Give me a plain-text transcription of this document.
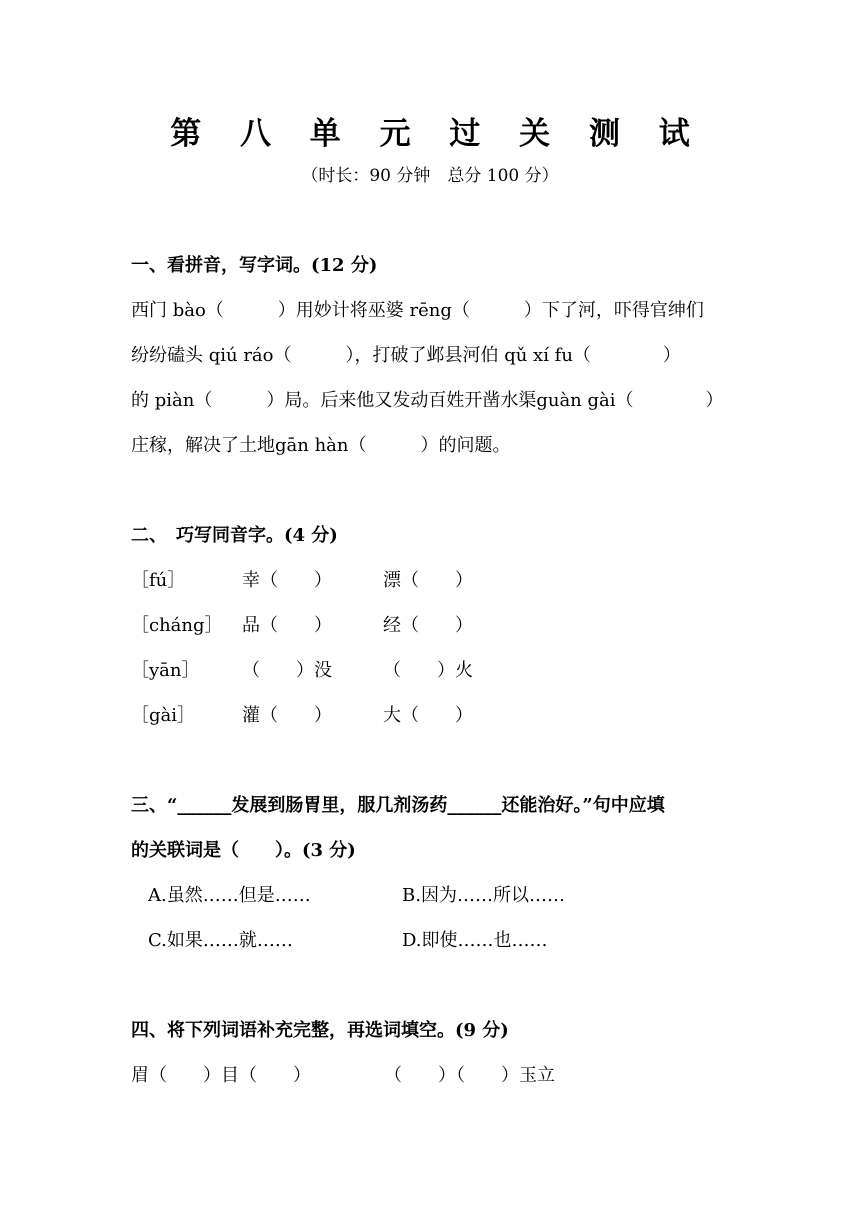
第 八 单 元 过 关 测 试
（时长：90 分钟　总分 100 分）
一、看拼音，写字词。(12 分)
西门 bào（　　　）用妙计将巫婆 rēng（　　　）下了河，吓得官绅们
纷纷磕头 qiú ráo（　　　），打破了邺县河伯 qǔ xí fu（　　　　）
的 piàn（　　　）局。后来他又发动百姓开凿水渠guàn gài（　　　　）
庄稼，解决了土地gān hàn（　　　）的问题。
二、　巧写同音字。(4 分)
［fú］	幸（　　）	漂（　　）
［cháng］ 品（　　）	经（　　）
［yān］ （　　）没	（　　）火
［gài］	灌（　　）	大（　　）
三、“______发展到肠胃里，服几剂汤药______还能治好。”句中应填
的关联词是（　　）。(3 分)
A.虽然……但是……	B.因为……所以……
C.如果……就……	D.即使……也……
四、将下列词语补充完整，再选词填空。(9 分)
眉（　　）目（　　）	（　　）（　　）玉立
